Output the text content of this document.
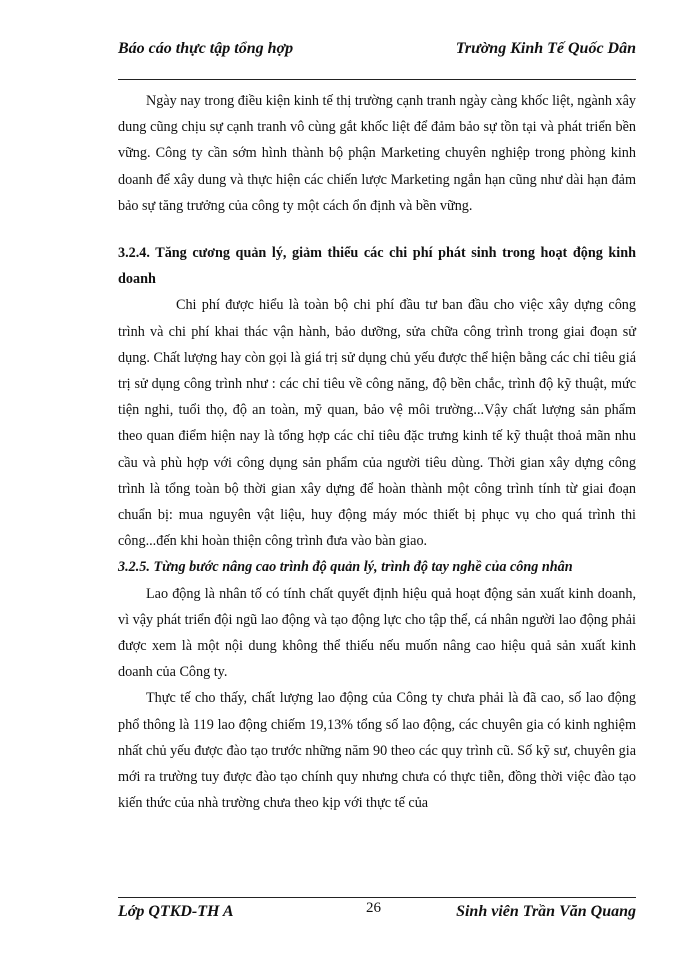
Báo cáo thực tập tổng hợp	Trường Kinh Tế Quốc Dân

Ngày nay trong điều kiện kinh tế thị trường cạnh tranh ngày càng khốc liệt, ngành xây dung cũng chịu sự cạnh tranh vô cùng gắt khốc liệt để đảm bảo sự tồn tại và phát triển bền vững. Công ty cần sớm hình thành bộ phận Marketing chuyên nghiệp trong phòng kinh doanh để xây dung và thực hiện các chiến lược Marketing ngắn hạn cũng như dài hạn đảm bảo sự tăng trưởng của công ty một cách ổn định và bền vững.

3.2.4. Tăng cương quản lý, giảm thiểu các chi phí phát sinh trong hoạt động kinh doanh

Chi phí được hiểu là toàn bộ chi phí đầu tư ban đầu cho việc xây dựng công trình và chi phí khai thác vận hành, bảo dưỡng, sửa chữa công trình trong giai đoạn sử dụng. Chất lượng hay còn gọi là giá trị sử dụng chủ yếu được thể hiện bằng các chỉ tiêu giá trị sử dụng công trình như : các chỉ tiêu về công năng, độ bền chắc, trình độ kỹ thuật, mức tiện nghi, tuổi thọ, độ an toàn, mỹ quan, bảo vệ môi trường...Vậy chất lượng sản phẩm theo quan điểm hiện nay là tổng hợp các chỉ tiêu đặc trưng kinh tế kỹ thuật thoả mãn nhu cầu và phù hợp với công dụng sản phẩm của người tiêu dùng. Thời gian xây dựng công trình là tổng toàn bộ thời gian xây dựng để hoàn thành một công trình tính từ giai đoạn chuẩn bị: mua nguyên vật liệu, huy động máy móc thiết bị phục vụ cho quá trình thi công...đến khi hoàn thiện công trình đưa vào bàn giao.

3.2.5. Từng bước nâng cao trình độ quản lý, trình độ tay nghề của công nhân

Lao động là nhân tố có tính chất quyết định hiệu quả hoạt động sản xuất kinh doanh, vì vậy phát triển đội ngũ lao động và tạo động lực cho tập thể, cá nhân người lao động phải được xem là một nội dung không thể thiếu nếu muốn nâng cao hiệu quả sản xuất kinh doanh của Công ty.

Thực tế cho thấy, chất lượng lao động của Công ty chưa phải là đã cao, số lao động phổ thông là 119 lao động chiếm 19,13% tổng số lao động, các chuyên gia có kinh nghiệm nhất chủ yếu được đào tạo trước những năm 90 theo các quy trình cũ. Số kỹ sư, chuyên gia mới ra trường tuy được đào tạo chính quy nhưng chưa có thực tiễn, đồng thời việc đào tạo kiến thức của nhà trường chưa theo kịp với thực tế của

Lớp QTKD-TH A	26	Sinh viên Trần Văn Quang
